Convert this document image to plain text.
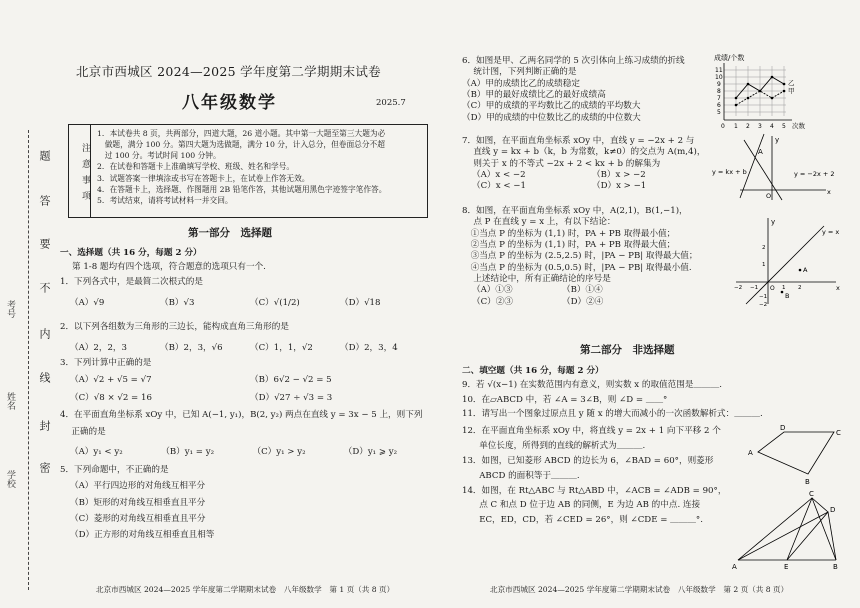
题
答
要
不
内
线
封
密
考号
姓名
学校
北京市西城区 2024—2025 学年度第二学期期末试卷
八年级数学	2025.7
注意事项
1．本试卷共 8 页，共两部分，四道大题，26 道小题。其中第一大题至第三大题为必
　做题，满分 100 分。第四大题为选做题，满分 10 分，计入总分，但卷面总分不超
　过 100 分。考试时间 100 分钟。
2．在试卷和答题卡上准确填写学校、班级、姓名和学号。
3．试题答案一律填涂或书写在答题卡上，在试卷上作答无效。
4．在答题卡上，选择题、作图题用 2B 铅笔作答，其他试题用黑色字迹签字笔作答。
5．考试结束，请将考试材料一并交回。
第一部分　选择题
一、选择题（共 16 分，每题 2 分）
第 1-8 题均有四个选项，符合题意的选项只有一个.
1．下列各式中，是最简二次根式的是
（A）√9	（B）√3	（C）√(1/2)	（D）√18
2．以下列各组数为三角形的三边长，能构成直角三角形的是
（A）2，2，3	（B）2，3，√6	（C）1，1，√2	（D）2，3，4
3．下列计算中正确的是
（A）√2 + √5 = √7	（B）6√2 − √2 = 5
（C）√8 × √2 = 16	（D）√27 ÷ √3 = 3
4．在平面直角坐标系 xOy 中，已知 A(−1, y₁)，B(2, y₂) 两点在直线 y = 3x − 5 上，则下列
　 正确的是
（A）y₁ < y₂	（B）y₁ = y₂	（C）y₁ > y₂	（D）y₁ ⩾ y₂
5．下列命题中，不正确的是
（A）平行四边形的对角线互相平分
（B）矩形的对角线互相垂直且平分
（C）菱形的对角线互相垂直且平分
（D）正方形的对角线互相垂直且相等
北京市西城区 2024—2025 学年度第二学期期末试卷　八年级数学　第 1 页（共 8 页）
6．如图是甲、乙两名同学的 5 次引体向上练习成绩的折线
　 统计图，下列判断正确的是
（A）甲的成绩比乙的成绩稳定
（B）甲的最好成绩比乙的最好成绩高
（C）甲的成绩的平均数比乙的成绩的平均数大
（D）甲的成绩的中位数比乙的成绩的中位数大
成绩/个数
11
10
9
8
7
6
5
0 1 2 3 4 5 次数
乙
甲
7．如图，在平面直角坐标系 xOy 中，直线 y = −2x + 2 与
　 直线 y = kx + b（k，b 为常数，k≠0）的交点为 A(m,4)，
　 则关于 x 的不等式 −2x + 2 < kx + b 的解集为
（A）x < −2	（B）x > −2
（C）x < −1	（D）x > −1
y
A
y = kx + b	y = −2x + 2
O	x
8．如图，在平面直角坐标系 xOy 中，A(2,1)，B(1,−1)，
　 点 P 在直线 y = x 上，有以下结论：
　①当点 P 的坐标为 (1,1) 时，PA + PB 取得最小值；
　②当点 P 的坐标为 (1,1) 时，PA + PB 取得最大值；
　③当点 P 的坐标为 (2.5,2.5) 时，|PA − PB| 取得最大值；
　④当点 P 的坐标为 (0.5,0.5) 时，|PA − PB| 取得最小值.
　 上述结论中，所有正确结论的序号是
（A）①③	（B）①④
（C）②③	（D）②④
y
y = x
A
B
x
O
2
1
−2 −1	1 2
−1
−2
第二部分　非选择题
二、填空题（共 16 分，每题 2 分）
9．若 √(x−1) 在实数范围内有意义，则实数 x 的取值范围是＿＿＿.
10．在▱ABCD 中，若 ∠A = 3∠B，则 ∠D = ＿＿°
11．请写出一个图象过原点且 y 随 x 的增大而减小的一次函数解析式：＿＿＿.
12．在平面直角坐标系 xOy 中，将直线 y = 2x + 1 向下平移 2 个
　　单位长度，所得到的直线的解析式为＿＿＿.
13．如图，已知菱形 ABCD 的边长为 6，∠BAD = 60°，则菱形
　　ABCD 的面积等于＿＿＿.
A
B
C
D
14．如图，在 Rt△ABC 与 Rt△ABD 中，∠ACB = ∠ADB = 90°，
　　点 C 和点 D 位于边 AB 的同侧，E 为边 AB 的中点. 连接
　　EC，ED，CD，若 ∠CED = 26°，则 ∠CDE = ＿＿＿°.
A	E	B
C
D
北京市西城区 2024—2025 学年度第二学期期末试卷　八年级数学　第 2 页（共 8 页）
